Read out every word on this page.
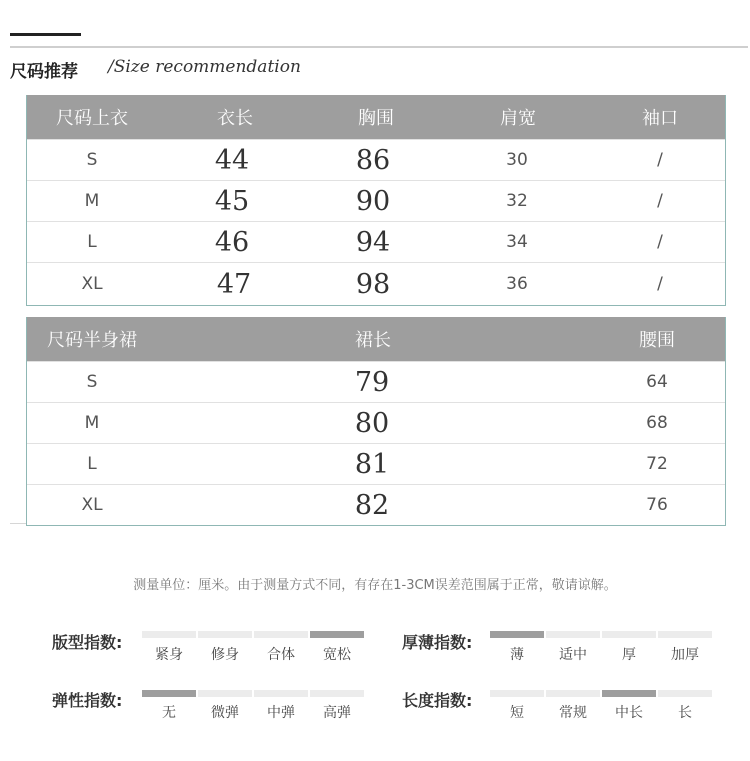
尺码推荐 /Size recommendation
尺码上衣	衣长	胸围	肩宽	袖口
S	44	86	30	/
M	45	90	32	/
L	46	94	34	/
XL	47	98	36	/
尺码半身裙	裙长	腰围
S	79	64
M	80	68
L	81	72
XL	82	76
测量单位：厘米。由于测量方式不同，有存在1-3CM误差范围属于正常，敬请谅解。
版型指数:
紧身	修身	合体	宽松
厚薄指数:
薄	适中	厚	加厚
弹性指数:
无	微弹	中弹	高弹
长度指数:
短	常规	中长	长
